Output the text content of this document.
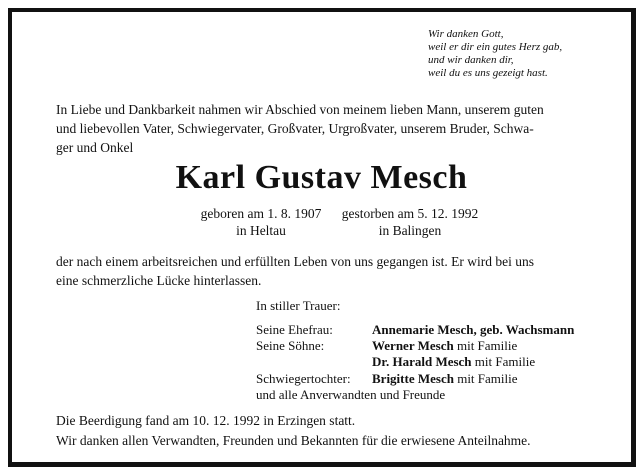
Wir danken Gott,
weil er dir ein gutes Herz gab,
und wir danken dir,
weil du es uns gezeigt hast.
In Liebe und Dankbarkeit nahmen wir Abschied von meinem lieben Mann, unserem guten
und liebevollen Vater, Schwiegervater, Großvater, Urgroßvater, unserem Bruder, Schwa-
ger und Onkel
Karl Gustav Mesch
geboren am 1. 8. 1907
in Heltau
gestorben am 5. 12. 1992
in Balingen
der nach einem arbeitsreichen und erfüllten Leben von uns gegangen ist. Er wird bei uns
eine schmerzliche Lücke hinterlassen.
In stiller Trauer:
Seine Ehefrau:	Annemarie Mesch, geb. Wachsmann
Seine Söhne:	Werner Mesch mit Familie
Dr. Harald Mesch mit Familie
Schwiegertochter: Brigitte Mesch mit Familie
und alle Anverwandten und Freunde
Die Beerdigung fand am 10. 12. 1992 in Erzingen statt.
Wir danken allen Verwandten, Freunden und Bekannten für die erwiesene Anteilnahme.
